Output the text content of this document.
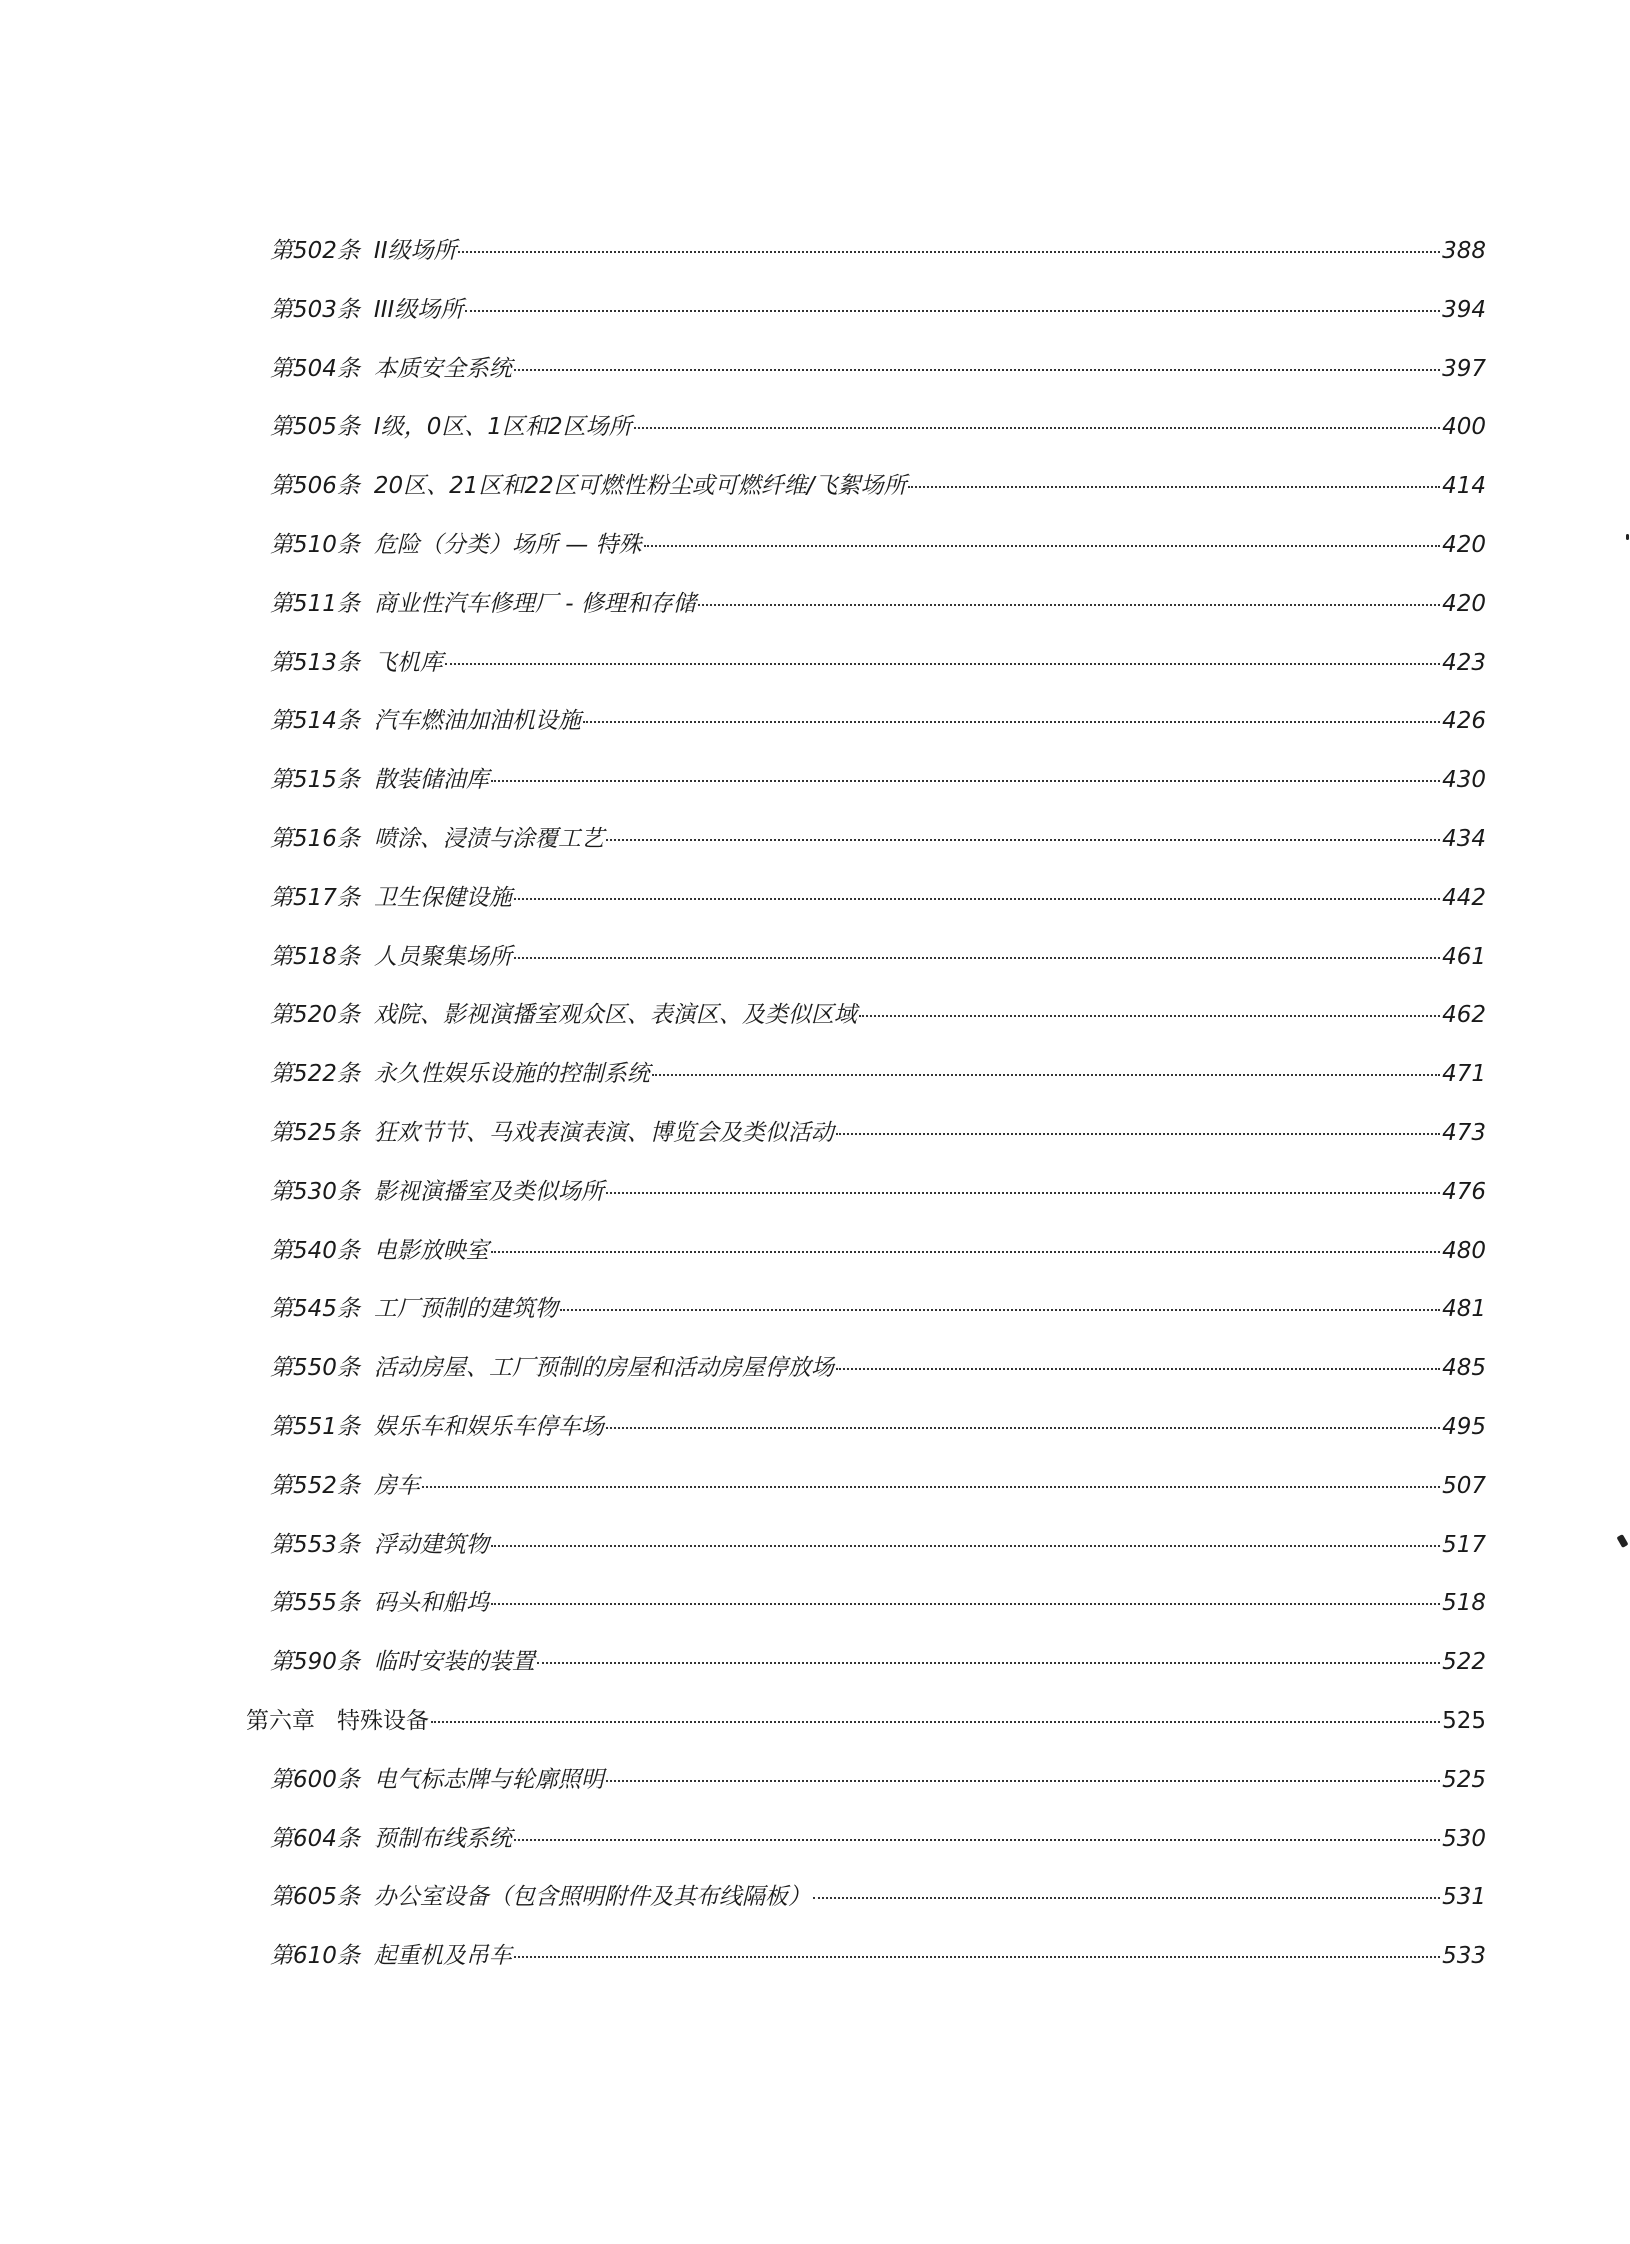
第502条 II级场所	388
第503条 III级场所	394
第504条 本质安全系统	397
第505条 I级，0区、1区和2区场所	400
第506条 20区、21区和22区可燃性粉尘或可燃纤维/飞絮场所	414
第510条 危险（分类）场所 — 特殊	420
第511条 商业性汽车修理厂 - 修理和存储	420
第513条 飞机库	423
第514条 汽车燃油加油机设施	426
第515条 散装储油库	430
第516条 喷涂、浸渍与涂覆工艺	434
第517条 卫生保健设施	442
第518条 人员聚集场所	461
第520条 戏院、影视演播室观众区、表演区、及类似区域	462
第522条 永久性娱乐设施的控制系统	471
第525条 狂欢节节、马戏表演表演、博览会及类似活动	473
第530条 影视演播室及类似场所	476
第540条 电影放映室	480
第545条 工厂预制的建筑物	481
第550条 活动房屋、工厂预制的房屋和活动房屋停放场	485
第551条 娱乐车和娱乐车停车场	495
第552条 房车	507
第553条 浮动建筑物	517
第555条 码头和船坞	518
第590条 临时安装的装置	522
第六章 特殊设备	525
第600条 电气标志牌与轮廓照明	525
第604条 预制布线系统	530
第605条 办公室设备（包含照明附件及其布线隔板）	531
第610条 起重机及吊车	533
